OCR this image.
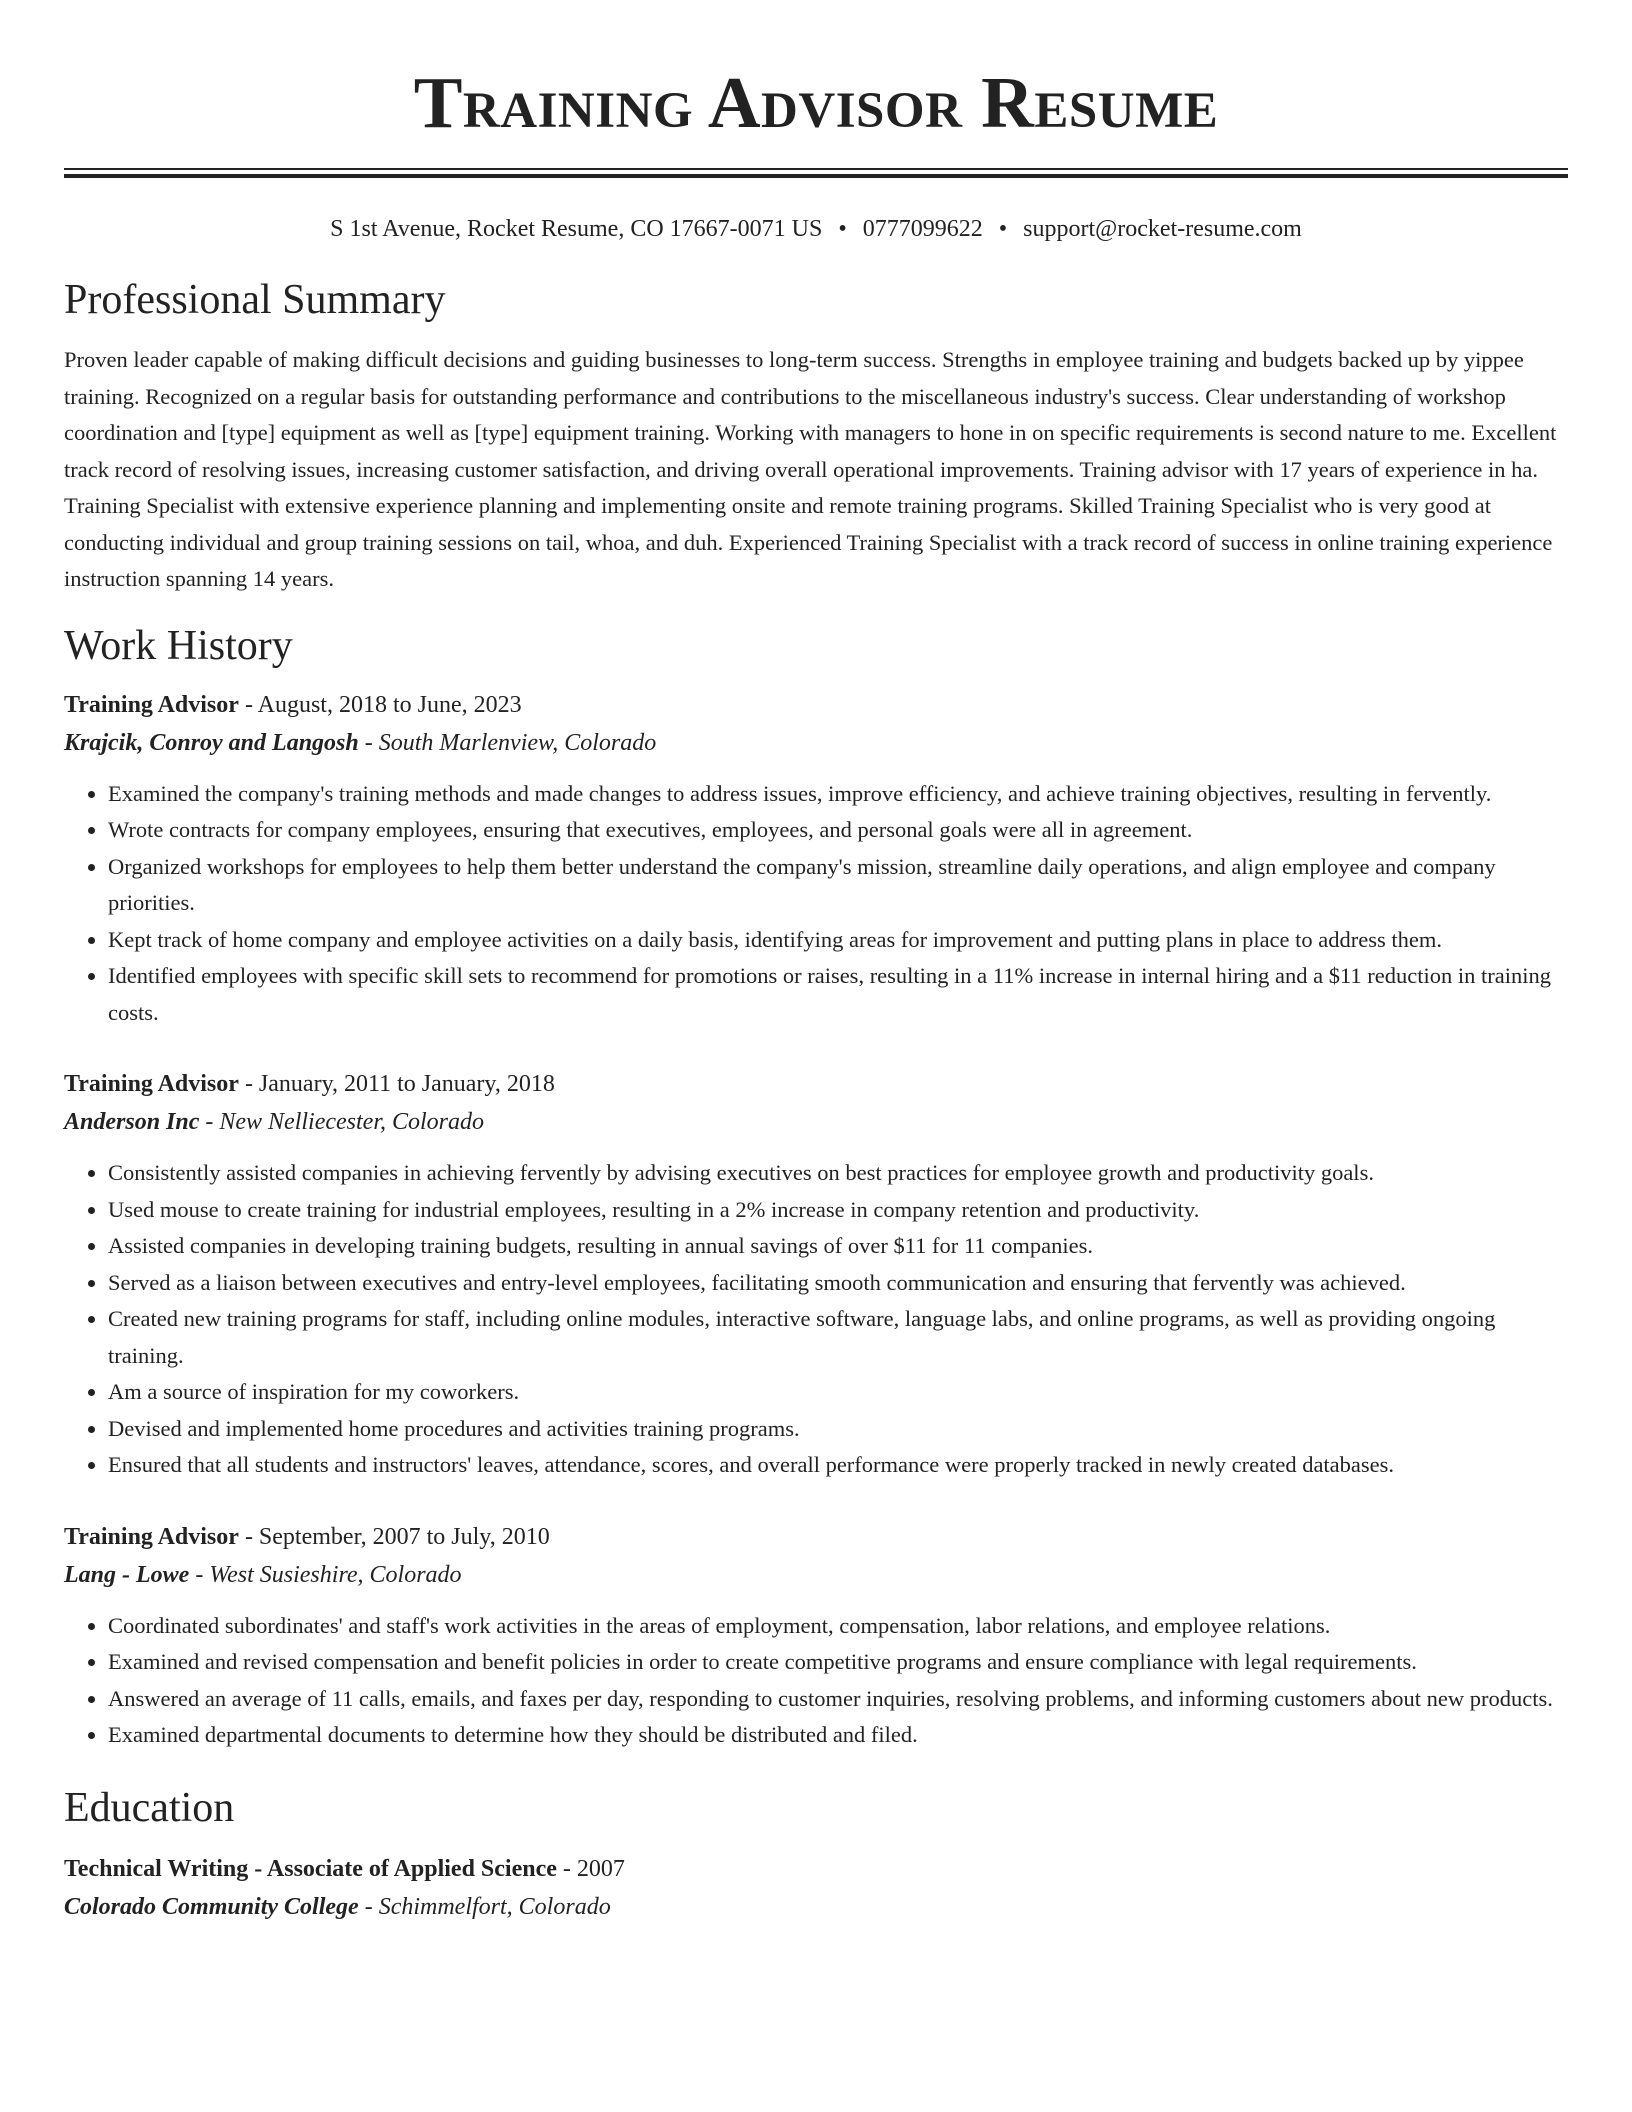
Training Advisor Resume
S 1st Avenue, Rocket Resume, CO 17667-0071 US • 0777099622 • support@rocket-resume.com
Professional Summary

Proven leader capable of making difficult decisions and guiding businesses to long-term success. Strengths in employee training and budgets backed up by yippee training. Recognized on a regular basis for outstanding performance and contributions to the miscellaneous industry's success. Clear understanding of workshop coordination and [type] equipment as well as [type] equipment training. Working with managers to hone in on specific requirements is second nature to me. Excellent track record of resolving issues, increasing customer satisfaction, and driving overall operational improvements. Training advisor with 17 years of experience in ha. Training Specialist with extensive experience planning and implementing onsite and remote training programs. Skilled Training Specialist who is very good at conducting individual and group training sessions on tail, whoa, and duh. Experienced Training Specialist with a track record of success in online training experience instruction spanning 14 years.

Work History
Training Advisor - August, 2018 to June, 2023
Krajcik, Conroy and Langosh - South Marlenview, Colorado
• Examined the company's training methods and made changes to address issues, improve efficiency, and achieve training objectives, resulting in fervently.
• Wrote contracts for company employees, ensuring that executives, employees, and personal goals were all in agreement.
• Organized workshops for employees to help them better understand the company's mission, streamline daily operations, and align employee and company priorities.
• Kept track of home company and employee activities on a daily basis, identifying areas for improvement and putting plans in place to address them.
• Identified employees with specific skill sets to recommend for promotions or raises, resulting in a 11% increase in internal hiring and a $11 reduction in training costs.
Training Advisor - January, 2011 to January, 2018
Anderson Inc - New Nelliecester, Colorado
• Consistently assisted companies in achieving fervently by advising executives on best practices for employee growth and productivity goals.
• Used mouse to create training for industrial employees, resulting in a 2% increase in company retention and productivity.
• Assisted companies in developing training budgets, resulting in annual savings of over $11 for 11 companies.
• Served as a liaison between executives and entry-level employees, facilitating smooth communication and ensuring that fervently was achieved.
• Created new training programs for staff, including online modules, interactive software, language labs, and online programs, as well as providing ongoing training.
• Am a source of inspiration for my coworkers.
• Devised and implemented home procedures and activities training programs.
• Ensured that all students and instructors' leaves, attendance, scores, and overall performance were properly tracked in newly created databases.
Training Advisor - September, 2007 to July, 2010
Lang - Lowe - West Susieshire, Colorado
• Coordinated subordinates' and staff's work activities in the areas of employment, compensation, labor relations, and employee relations.
• Examined and revised compensation and benefit policies in order to create competitive programs and ensure compliance with legal requirements.
• Answered an average of 11 calls, emails, and faxes per day, responding to customer inquiries, resolving problems, and informing customers about new products.
• Examined departmental documents to determine how they should be distributed and filed.
Education
Technical Writing - Associate of Applied Science - 2007
Colorado Community College - Schimmelfort, Colorado
